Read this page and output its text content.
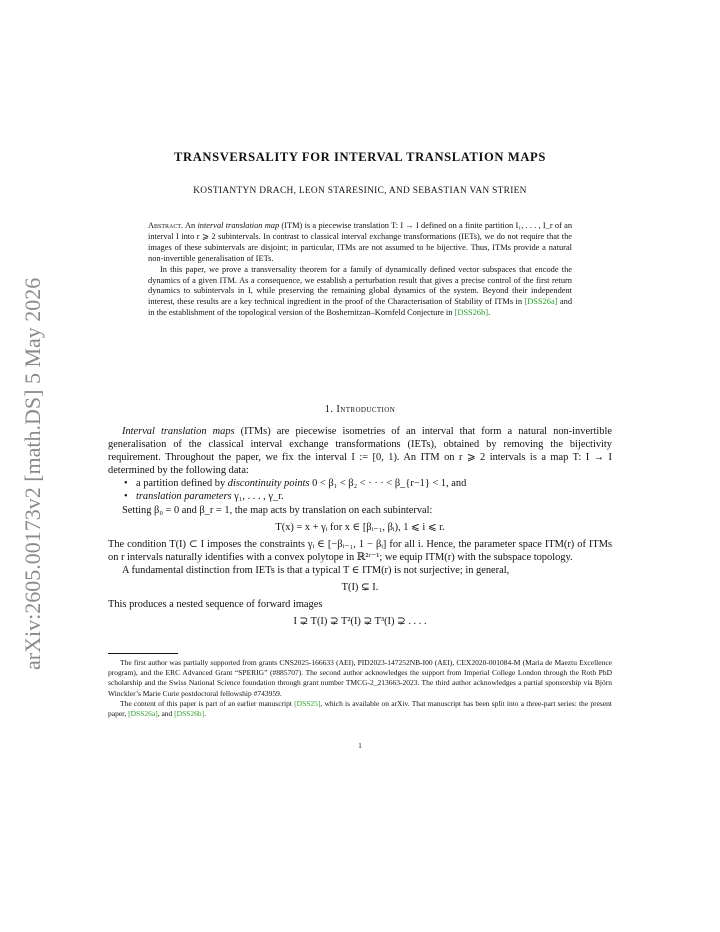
arXiv:2605.00173v2 [math.DS] 5 May 2026
TRANSVERSALITY FOR INTERVAL TRANSLATION MAPS
KOSTIANTYN DRACH, LEON STARESINIC, AND SEBASTIAN VAN STRIEN

Abstract. An interval translation map (ITM) is a piecewise translation T: I → I defined on a finite partition I₁, . . . , I_r of an interval I into r ⩾ 2 subintervals. In contrast to classical interval exchange transformations (IETs), we do not require that the images of these subintervals are disjoint; in particular, ITMs are not assumed to be bijective. Thus, ITMs provide a natural non-invertible generalisation of IETs.

In this paper, we prove a transversality theorem for a family of dynamically defined vector subspaces that encode the dynamics of a given ITM. As a consequence, we establish a perturbation result that gives a precise control of the first return dynamics to subintervals in I, while preserving the remaining global dynamics of the system. Beyond their independent interest, these results are a key technical ingredient in the proof of the Characterisation of Stability of ITMs in [DSS26a] and in the establishment of the topological version of the Boshernitzan–Kornfeld Conjecture in [DSS26b].

1. Introduction

Interval translation maps (ITMs) are piecewise isometries of an interval that form a natural non-invertible generalisation of the classical interval exchange transformations (IETs), obtained by removing the bijectivity requirement. Throughout the paper, we fix the interval I := [0, 1). An ITM on r ⩾ 2 intervals is a map T: I → I determined by the following data:

• a partition defined by discontinuity points 0 < β₁ < β₂ < · · · < β_{r−1} < 1, and
• translation parameters γ₁, . . . , γ_r.

Setting β₀ = 0 and β_r = 1, the map acts by translation on each subinterval:

T(x) = x + γᵢ for x ∈ [βᵢ₋₁, βᵢ), 1 ⩽ i ⩽ r.

The condition T(I) ⊂ I imposes the constraints γᵢ ∈ [−βᵢ₋₁, 1 − βᵢ] for all i. Hence, the parameter space ITM(r) of ITMs on r intervals naturally identifies with a convex polytope in ℝ²ʳ⁻¹; we equip ITM(r) with the subspace topology.

A fundamental distinction from IETs is that a typical T ∈ ITM(r) is not surjective; in general,

T(I) ⊊ I.

This produces a nested sequence of forward images

I ⊋ T(I) ⊋ T²(I) ⊋ T³(I) ⊋ . . . .

The first author was partially supported from grants CNS2025-166633 (AEI), PID2023-147252NB-I00 (AEI), CEX2020-001084-M (Maria de Maeztu Excellence program), and the ERC Advanced Grant “SPERIG” (#885707). The second author acknowledges the support from Imperial College London through the Roth PhD scholarship and the Swiss National Science foundation through grant number TMCG-2_213663-2023. The third author acknowledges a partial sponsorship via Björn Winckler’s Marie Curie postdoctoral fellowship #743959.

The content of this paper is part of an earlier manuscript [DSS25], which is available on arXiv. That manuscript has been split into a three-part series: the present paper, [DSS26a], and [DSS26b].

1
